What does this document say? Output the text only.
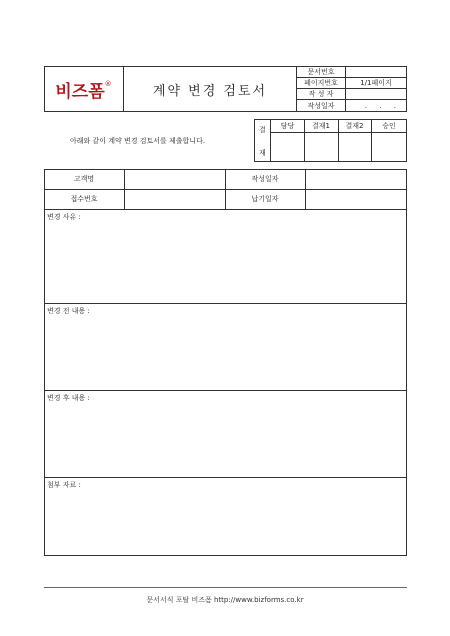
비즈폼 ®	계약 변경 검토서
문서번호
페이지번호	1/1페이지
작 성 자
작성일자	. . .
아래와 같이 계약 변경 검토서를 제출합니다.
결
재
담당	결재1	결재2	승인
고객명	작성일자
접수번호	납기일자
변경 사유 :
변경 전 내용 :
변경 후 내용 :
첨부 자료 :
문서서식 포탈 비즈폼 http://www.bizforms.co.kr
